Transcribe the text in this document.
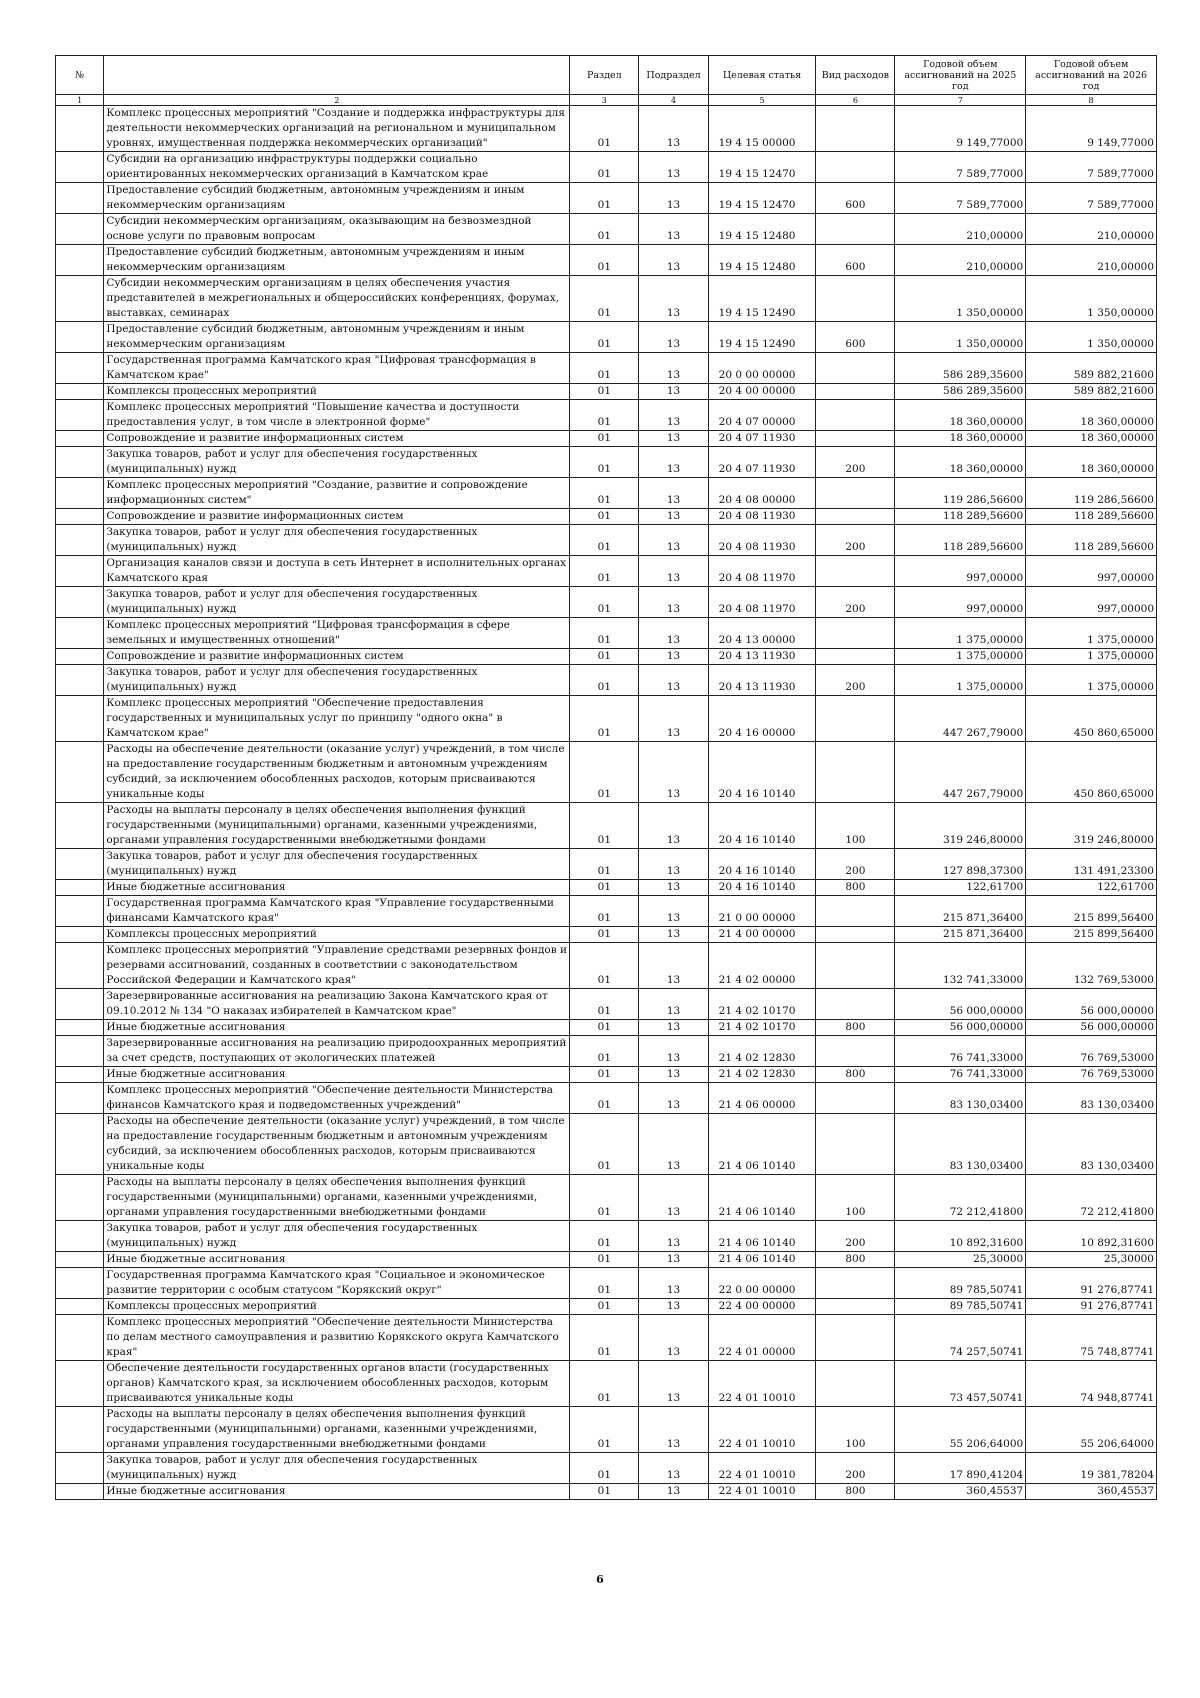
№		Раздел	Подраздел	Целевая статья	Вид расходов	Годовой объем ассигнований на 2025 год	Годовой объем ассигнований на 2026 год
1	2	3	4	5	6	7	8
	Комплекс процессных мероприятий "Создание и поддержка инфраструктуры для деятельности некоммерческих организаций на региональном и муниципальном уровнях, имущественная поддержка некоммерческих организаций"	01	13	19 4 15 00000		9 149,77000	9 149,77000
	Субсидии на организацию инфраструктуры поддержки социально ориентированных некоммерческих организаций в Камчатском крае	01	13	19 4 15 12470		7 589,77000	7 589,77000
	Предоставление субсидий бюджетным, автономным учреждениям и иным некоммерческим организациям	01	13	19 4 15 12470	600	7 589,77000	7 589,77000
	Субсидии некоммерческим организациям, оказывающим на безвозмездной основе услуги по правовым вопросам	01	13	19 4 15 12480		210,00000	210,00000
	Предоставление субсидий бюджетным, автономным учреждениям и иным некоммерческим организациям	01	13	19 4 15 12480	600	210,00000	210,00000
	Субсидии некоммерческим организациям в целях обеспечения участия представителей в межрегиональных и общероссийских конференциях, форумах, выставках, семинарах	01	13	19 4 15 12490		1 350,00000	1 350,00000
	Предоставление субсидий бюджетным, автономным учреждениям и иным некоммерческим организациям	01	13	19 4 15 12490	600	1 350,00000	1 350,00000
	Государственная программа Камчатского края "Цифровая трансформация в Камчатском крае"	01	13	20 0 00 00000		586 289,35600	589 882,21600
	Комплексы процессных мероприятий	01	13	20 4 00 00000		586 289,35600	589 882,21600
	Комплекс процессных мероприятий "Повышение качества и доступности предоставления услуг, в том числе в электронной форме"	01	13	20 4 07 00000		18 360,00000	18 360,00000
	Сопровождение и развитие информационных систем	01	13	20 4 07 11930		18 360,00000	18 360,00000
	Закупка товаров, работ и услуг для обеспечения государственных (муниципальных) нужд	01	13	20 4 07 11930	200	18 360,00000	18 360,00000
	Комплекс процессных мероприятий "Создание, развитие и сопровождение информационных систем"	01	13	20 4 08 00000		119 286,56600	119 286,56600
	Сопровождение и развитие информационных систем	01	13	20 4 08 11930		118 289,56600	118 289,56600
	Закупка товаров, работ и услуг для обеспечения государственных (муниципальных) нужд	01	13	20 4 08 11930	200	118 289,56600	118 289,56600
	Организация каналов связи и доступа в сеть Интернет в исполнительных органах Камчатского края	01	13	20 4 08 11970		997,00000	997,00000
	Закупка товаров, работ и услуг для обеспечения государственных (муниципальных) нужд	01	13	20 4 08 11970	200	997,00000	997,00000
	Комплекс процессных мероприятий "Цифровая трансформация в сфере земельных и имущественных отношений"	01	13	20 4 13 00000		1 375,00000	1 375,00000
	Сопровождение и развитие информационных систем	01	13	20 4 13 11930		1 375,00000	1 375,00000
	Закупка товаров, работ и услуг для обеспечения государственных (муниципальных) нужд	01	13	20 4 13 11930	200	1 375,00000	1 375,00000
	Комплекс процессных мероприятий "Обеспечение предоставления государственных и муниципальных услуг по принципу "одного окна" в Камчатском крае"	01	13	20 4 16 00000		447 267,79000	450 860,65000
	Расходы на обеспечение деятельности (оказание услуг) учреждений, в том числе на предоставление государственным бюджетным и автономным учреждениям субсидий, за исключением обособленных расходов, которым присваиваются уникальные коды	01	13	20 4 16 10140		447 267,79000	450 860,65000
	Расходы на выплаты персоналу в целях обеспечения выполнения функций государственными (муниципальными) органами, казенными учреждениями, органами управления государственными внебюджетными фондами	01	13	20 4 16 10140	100	319 246,80000	319 246,80000
	Закупка товаров, работ и услуг для обеспечения государственных (муниципальных) нужд	01	13	20 4 16 10140	200	127 898,37300	131 491,23300
	Иные бюджетные ассигнования	01	13	20 4 16 10140	800	122,61700	122,61700
	Государственная программа Камчатского края "Управление государственными финансами Камчатского края"	01	13	21 0 00 00000		215 871,36400	215 899,56400
	Комплексы процессных мероприятий	01	13	21 4 00 00000		215 871,36400	215 899,56400
	Комплекс процессных мероприятий "Управление средствами резервных фондов и резервами ассигнований, созданных в соответствии с законодательством Российской Федерации и Камчатского края"	01	13	21 4 02 00000		132 741,33000	132 769,53000
	Зарезервированные ассигнования на реализацию Закона Камчатского края от 09.10.2012 № 134 "О наказах избирателей в Камчатском крае"	01	13	21 4 02 10170		56 000,00000	56 000,00000
	Иные бюджетные ассигнования	01	13	21 4 02 10170	800	56 000,00000	56 000,00000
	Зарезервированные ассигнования на реализацию природоохранных мероприятий за счет средств, поступающих от экологических платежей	01	13	21 4 02 12830		76 741,33000	76 769,53000
	Иные бюджетные ассигнования	01	13	21 4 02 12830	800	76 741,33000	76 769,53000
	Комплекс процессных мероприятий "Обеспечение деятельности Министерства финансов Камчатского края и подведомственных учреждений"	01	13	21 4 06 00000		83 130,03400	83 130,03400
	Расходы на обеспечение деятельности (оказание услуг) учреждений, в том числе на предоставление государственным бюджетным и автономным учреждениям субсидий, за исключением обособленных расходов, которым присваиваются уникальные коды	01	13	21 4 06 10140		83 130,03400	83 130,03400
	Расходы на выплаты персоналу в целях обеспечения выполнения функций государственными (муниципальными) органами, казенными учреждениями, органами управления государственными внебюджетными фондами	01	13	21 4 06 10140	100	72 212,41800	72 212,41800
	Закупка товаров, работ и услуг для обеспечения государственных (муниципальных) нужд	01	13	21 4 06 10140	200	10 892,31600	10 892,31600
	Иные бюджетные ассигнования	01	13	21 4 06 10140	800	25,30000	25,30000
	Государственная программа Камчатского края "Социальное и экономическое развитие территории с особым статусом "Корякский округ"	01	13	22 0 00 00000		89 785,50741	91 276,87741
	Комплексы процессных мероприятий	01	13	22 4 00 00000		89 785,50741	91 276,87741
	Комплекс процессных мероприятий "Обеспечение деятельности Министерства по делам местного самоуправления и развитию Корякского округа Камчатского края"	01	13	22 4 01 00000		74 257,50741	75 748,87741
	Обеспечение деятельности государственных органов власти (государственных органов) Камчатского края, за исключением обособленных расходов, которым присваиваются уникальные коды	01	13	22 4 01 10010		73 457,50741	74 948,87741
	Расходы на выплаты персоналу в целях обеспечения выполнения функций государственными (муниципальными) органами, казенными учреждениями, органами управления государственными внебюджетными фондами	01	13	22 4 01 10010	100	55 206,64000	55 206,64000
	Закупка товаров, работ и услуг для обеспечения государственных (муниципальных) нужд	01	13	22 4 01 10010	200	17 890,41204	19 381,78204
	Иные бюджетные ассигнования	01	13	22 4 01 10010	800	360,45537	360,45537
6
